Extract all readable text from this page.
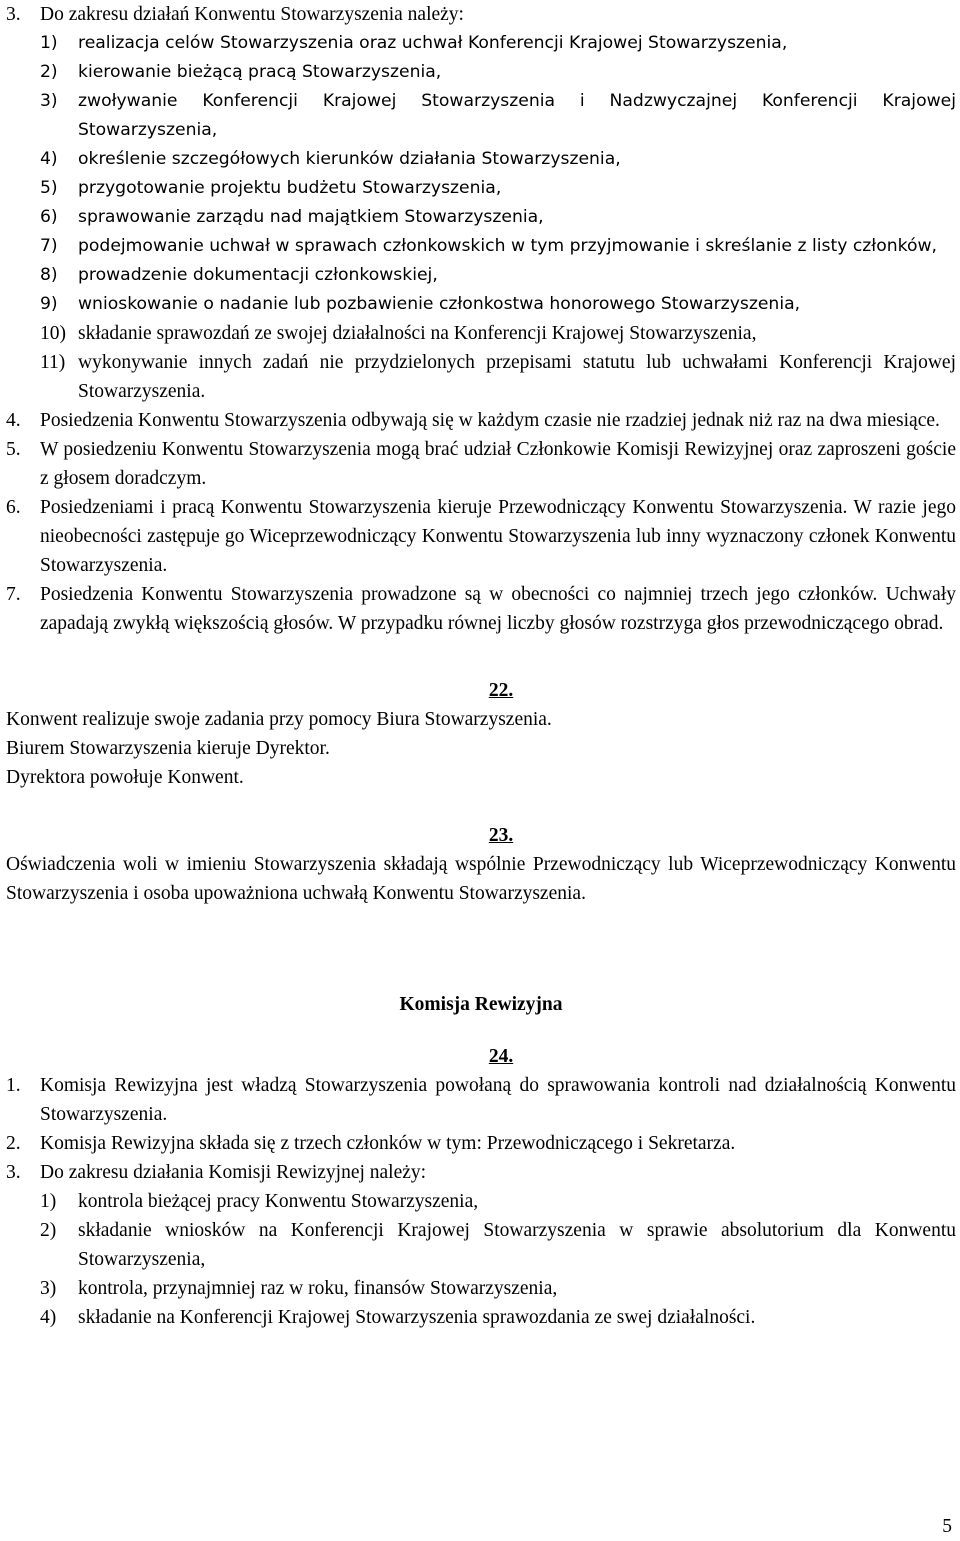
3. Do zakresu działań Konwentu Stowarzyszenia należy:
1)	realizacja celów Stowarzyszenia oraz uchwał Konferencji Krajowej Stowarzyszenia,
2)	kierowanie bieżącą pracą Stowarzyszenia,
3)	zwoływanie Konferencji Krajowej Stowarzyszenia i Nadzwyczajnej Konferencji Krajowej Stowarzyszenia,
4)	określenie szczegółowych kierunków działania Stowarzyszenia,
5)	przygotowanie projektu budżetu Stowarzyszenia,
6)	sprawowanie zarządu nad majątkiem Stowarzyszenia,
7)	podejmowanie uchwał w sprawach członkowskich w tym przyjmowanie i skreślanie z listy członków,
8)	prowadzenie dokumentacji członkowskiej,
9)	wnioskowanie o nadanie lub pozbawienie członkostwa honorowego Stowarzyszenia,
10) składanie sprawozdań ze swojej działalności na Konferencji Krajowej Stowarzyszenia,
11) wykonywanie innych zadań nie przydzielonych przepisami statutu lub uchwałami Konferencji Krajowej Stowarzyszenia.
4. Posiedzenia Konwentu Stowarzyszenia odbywają się w każdym czasie nie rzadziej jednak niż raz na dwa miesiące.
5. W posiedzeniu Konwentu Stowarzyszenia mogą brać udział Członkowie Komisji Rewizyjnej oraz zaproszeni goście z głosem doradczym.
6. Posiedzeniami i pracą Konwentu Stowarzyszenia kieruje Przewodniczący Konwentu Stowarzyszenia. W razie jego nieobecności zastępuje go Wiceprzewodniczący Konwentu Stowarzyszenia lub inny wyznaczony członek Konwentu Stowarzyszenia.
7. Posiedzenia Konwentu Stowarzyszenia prowadzone są w obecności co najmniej trzech jego członków. Uchwały zapadają zwykłą większością głosów. W przypadku równej liczby głosów rozstrzyga głos przewodniczącego obrad.
22.
Konwent realizuje swoje zadania przy pomocy Biura Stowarzyszenia.
Biurem Stowarzyszenia kieruje Dyrektor.
Dyrektora powołuje Konwent.
23.
Oświadczenia woli w imieniu Stowarzyszenia składają wspólnie Przewodniczący lub Wiceprzewodniczący Konwentu Stowarzyszenia i osoba upoważniona uchwałą Konwentu Stowarzyszenia.
Komisja Rewizyjna
24.
1. Komisja Rewizyjna jest władzą Stowarzyszenia powołaną do sprawowania kontroli nad działalnością Konwentu Stowarzyszenia.
2. Komisja Rewizyjna składa się z trzech członków w tym: Przewodniczącego i Sekretarza.
3. Do zakresu działania Komisji Rewizyjnej należy:
1)	kontrola bieżącej pracy Konwentu Stowarzyszenia,
2)	składanie wniosków na Konferencji Krajowej Stowarzyszenia w sprawie absolutorium dla Konwentu Stowarzyszenia,
3)	kontrola, przynajmniej raz w roku, finansów Stowarzyszenia,
4)	składanie na Konferencji Krajowej Stowarzyszenia sprawozdania ze swej działalności.
5
